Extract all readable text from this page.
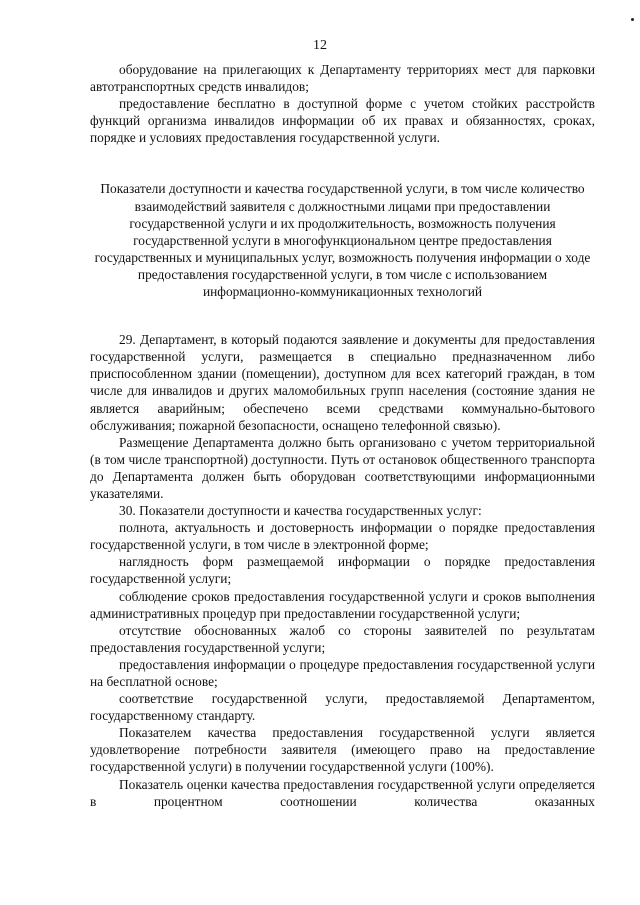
12

оборудование на прилегающих к Департаменту территориях мест для парковки автотранспортных средств инвалидов;

предоставление бесплатно в доступной форме с учетом стойких расстройств функций организма инвалидов информации об их правах и обязанностях, сроках, порядке и условиях предоставления государственной услуги.

Показатели доступности и качества государственной услуги, в том числе количество взаимодействий заявителя с должностными лицами при предоставлении государственной услуги и их продолжительность, возможность получения государственной услуги в многофункциональном центре предоставления государственных и муниципальных услуг, возможность получения информации о ходе предоставления государственной услуги, в том числе с использованием информационно-коммуникационных технологий

29. Департамент, в который подаются заявление и документы для предоставления государственной услуги, размещается в специально предназначенном либо приспособленном здании (помещении), доступном для всех категорий граждан, в том числе для инвалидов и других маломобильных групп населения (состояние здания не является аварийным; обеспечено всеми средствами коммунально-бытового обслуживания; пожарной безопасности, оснащено телефонной связью).

Размещение Департамента должно быть организовано с учетом территориальной (в том числе транспортной) доступности. Путь от остановок общественного транспорта до Департамента должен быть оборудован соответствующими информационными указателями.

30. Показатели доступности и качества государственных услуг:

полнота, актуальность и достоверность информации о порядке предоставления государственной услуги, в том числе в электронной форме;

наглядность форм размещаемой информации о порядке предоставления государственной услуги;

соблюдение сроков предоставления государственной услуги и сроков выполнения административных процедур при предоставлении государственной услуги;

отсутствие обоснованных жалоб со стороны заявителей по результатам предоставления государственной услуги;

предоставления информации о процедуре предоставления государственной услуги на бесплатной основе;

соответствие государственной услуги, предоставляемой Департаментом, государственному стандарту.

Показателем качества предоставления государственной услуги является удовлетворение потребности заявителя (имеющего право на предоставление государственной услуги) в получении государственной услуги (100%).

Показатель оценки качества предоставления государственной услуги определяется в процентном соотношении количества оказанных
